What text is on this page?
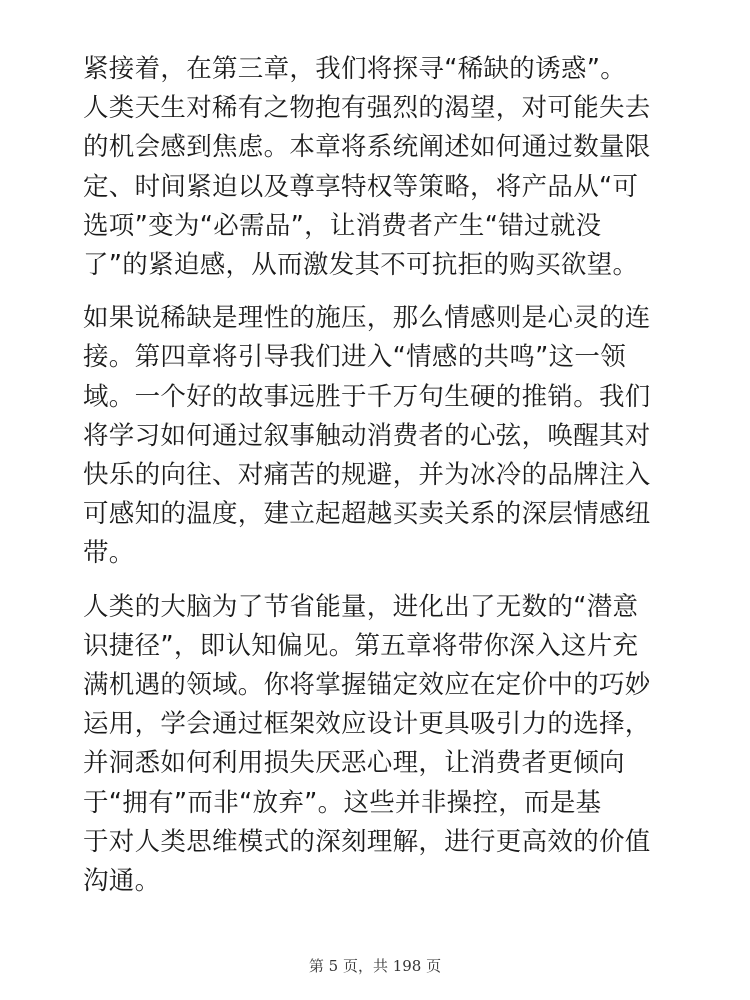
紧接着，在第三章，我们将探寻“稀缺的诱惑”。
人类天生对稀有之物抱有强烈的渴望，对可能失去
的机会感到焦虑。本章将系统阐述如何通过数量限
定、时间紧迫以及尊享特权等策略，将产品从“可
选项”变为“必需品”，让消费者产生“错过就没
了”的紧迫感，从而激发其不可抗拒的购买欲望。

如果说稀缺是理性的施压，那么情感则是心灵的连
接。第四章将引导我们进入“情感的共鸣”这一领
域。一个好的故事远胜于千万句生硬的推销。我们
将学习如何通过叙事触动消费者的心弦，唤醒其对
快乐的向往、对痛苦的规避，并为冰冷的品牌注入
可感知的温度，建立起超越买卖关系的深层情感纽
带。

人类的大脑为了节省能量，进化出了无数的“潜意
识捷径”，即认知偏见。第五章将带你深入这片充
满机遇的领域。你将掌握锚定效应在定价中的巧妙
运用，学会通过框架效应设计更具吸引力的选择，
并洞悉如何利用损失厌恶心理，让消费者更倾向
于“拥有”而非“放弃”。这些并非操控，而是基
于对人类思维模式的深刻理解，进行更高效的价值
沟通。

第 5 页，共 198 页
